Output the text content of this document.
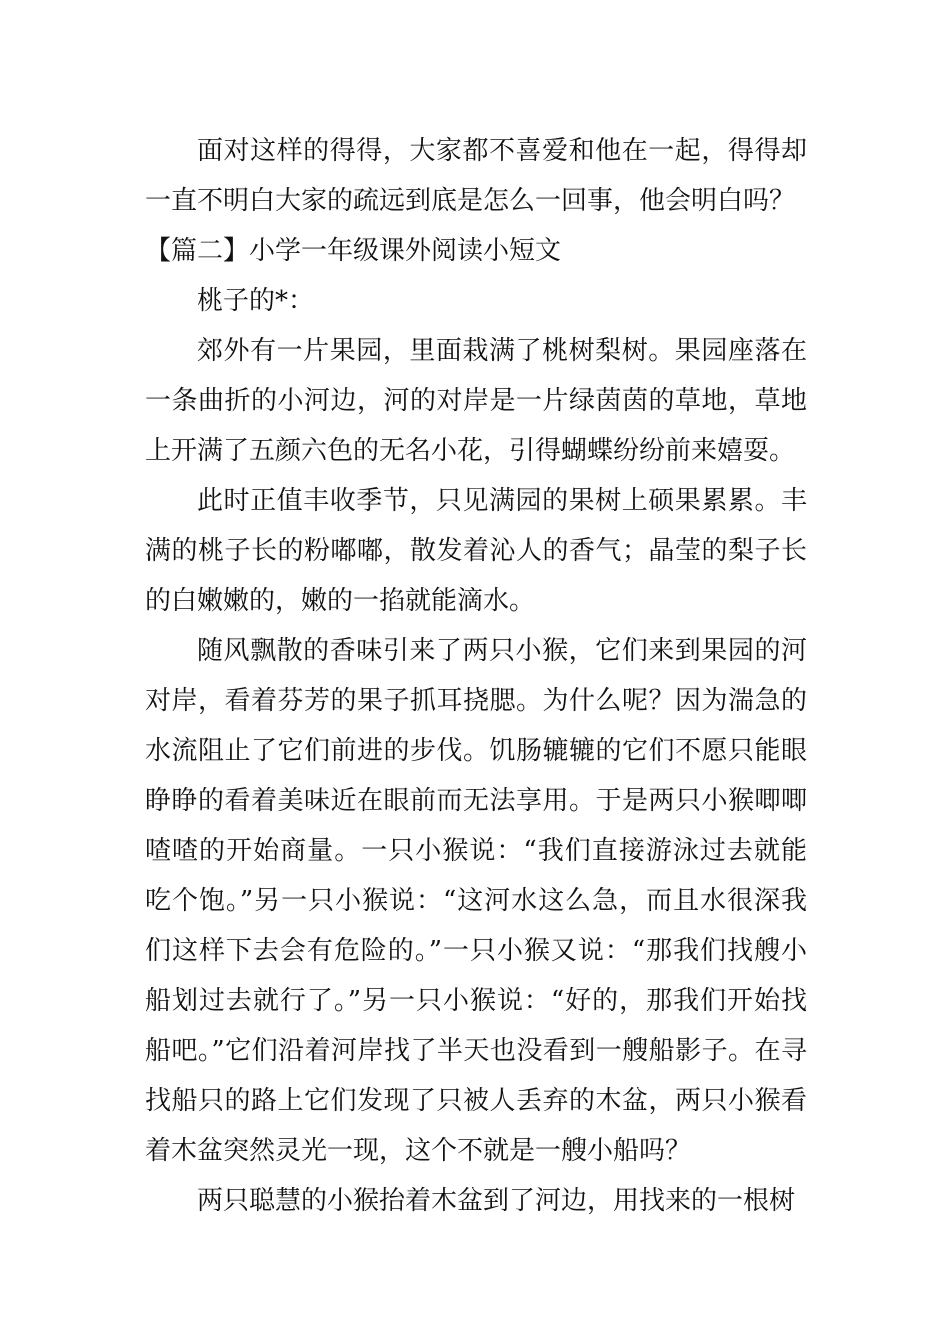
面对这样的得得，大家都不喜爱和他在一起，得得却一直不明白大家的疏远到底是怎么一回事，他会明白吗？

【篇二】小学一年级课外阅读小短文

桃子的*：

郊外有一片果园，里面栽满了桃树梨树。果园座落在一条曲折的小河边，河的对岸是一片绿茵茵的草地，草地上开满了五颜六色的无名小花，引得蝴蝶纷纷前来嬉耍。

此时正值丰收季节，只见满园的果树上硕果累累。丰满的桃子长的粉嘟嘟，散发着沁人的香气；晶莹的梨子长的白嫩嫩的，嫩的一掐就能滴水。

随风飘散的香味引来了两只小猴，它们来到果园的河对岸，看着芬芳的果子抓耳挠腮。为什么呢？因为湍急的水流阻止了它们前进的步伐。饥肠辘辘的它们不愿只能眼睁睁的看着美味近在眼前而无法享用。于是两只小猴唧唧喳喳的开始商量。一只小猴说：“我们直接游泳过去就能吃个饱。”另一只小猴说：“这河水这么急，而且水很深我们这样下去会有危险的。”一只小猴又说：“那我们找艘小船划过去就行了。”另一只小猴说：“好的，那我们开始找船吧。”它们沿着河岸找了半天也没看到一艘船影子。在寻找船只的路上它们发现了只被人丢弃的木盆，两只小猴看着木盆突然灵光一现，这个不就是一艘小船吗？

两只聪慧的小猴抬着木盆到了河边，用找来的一根树
